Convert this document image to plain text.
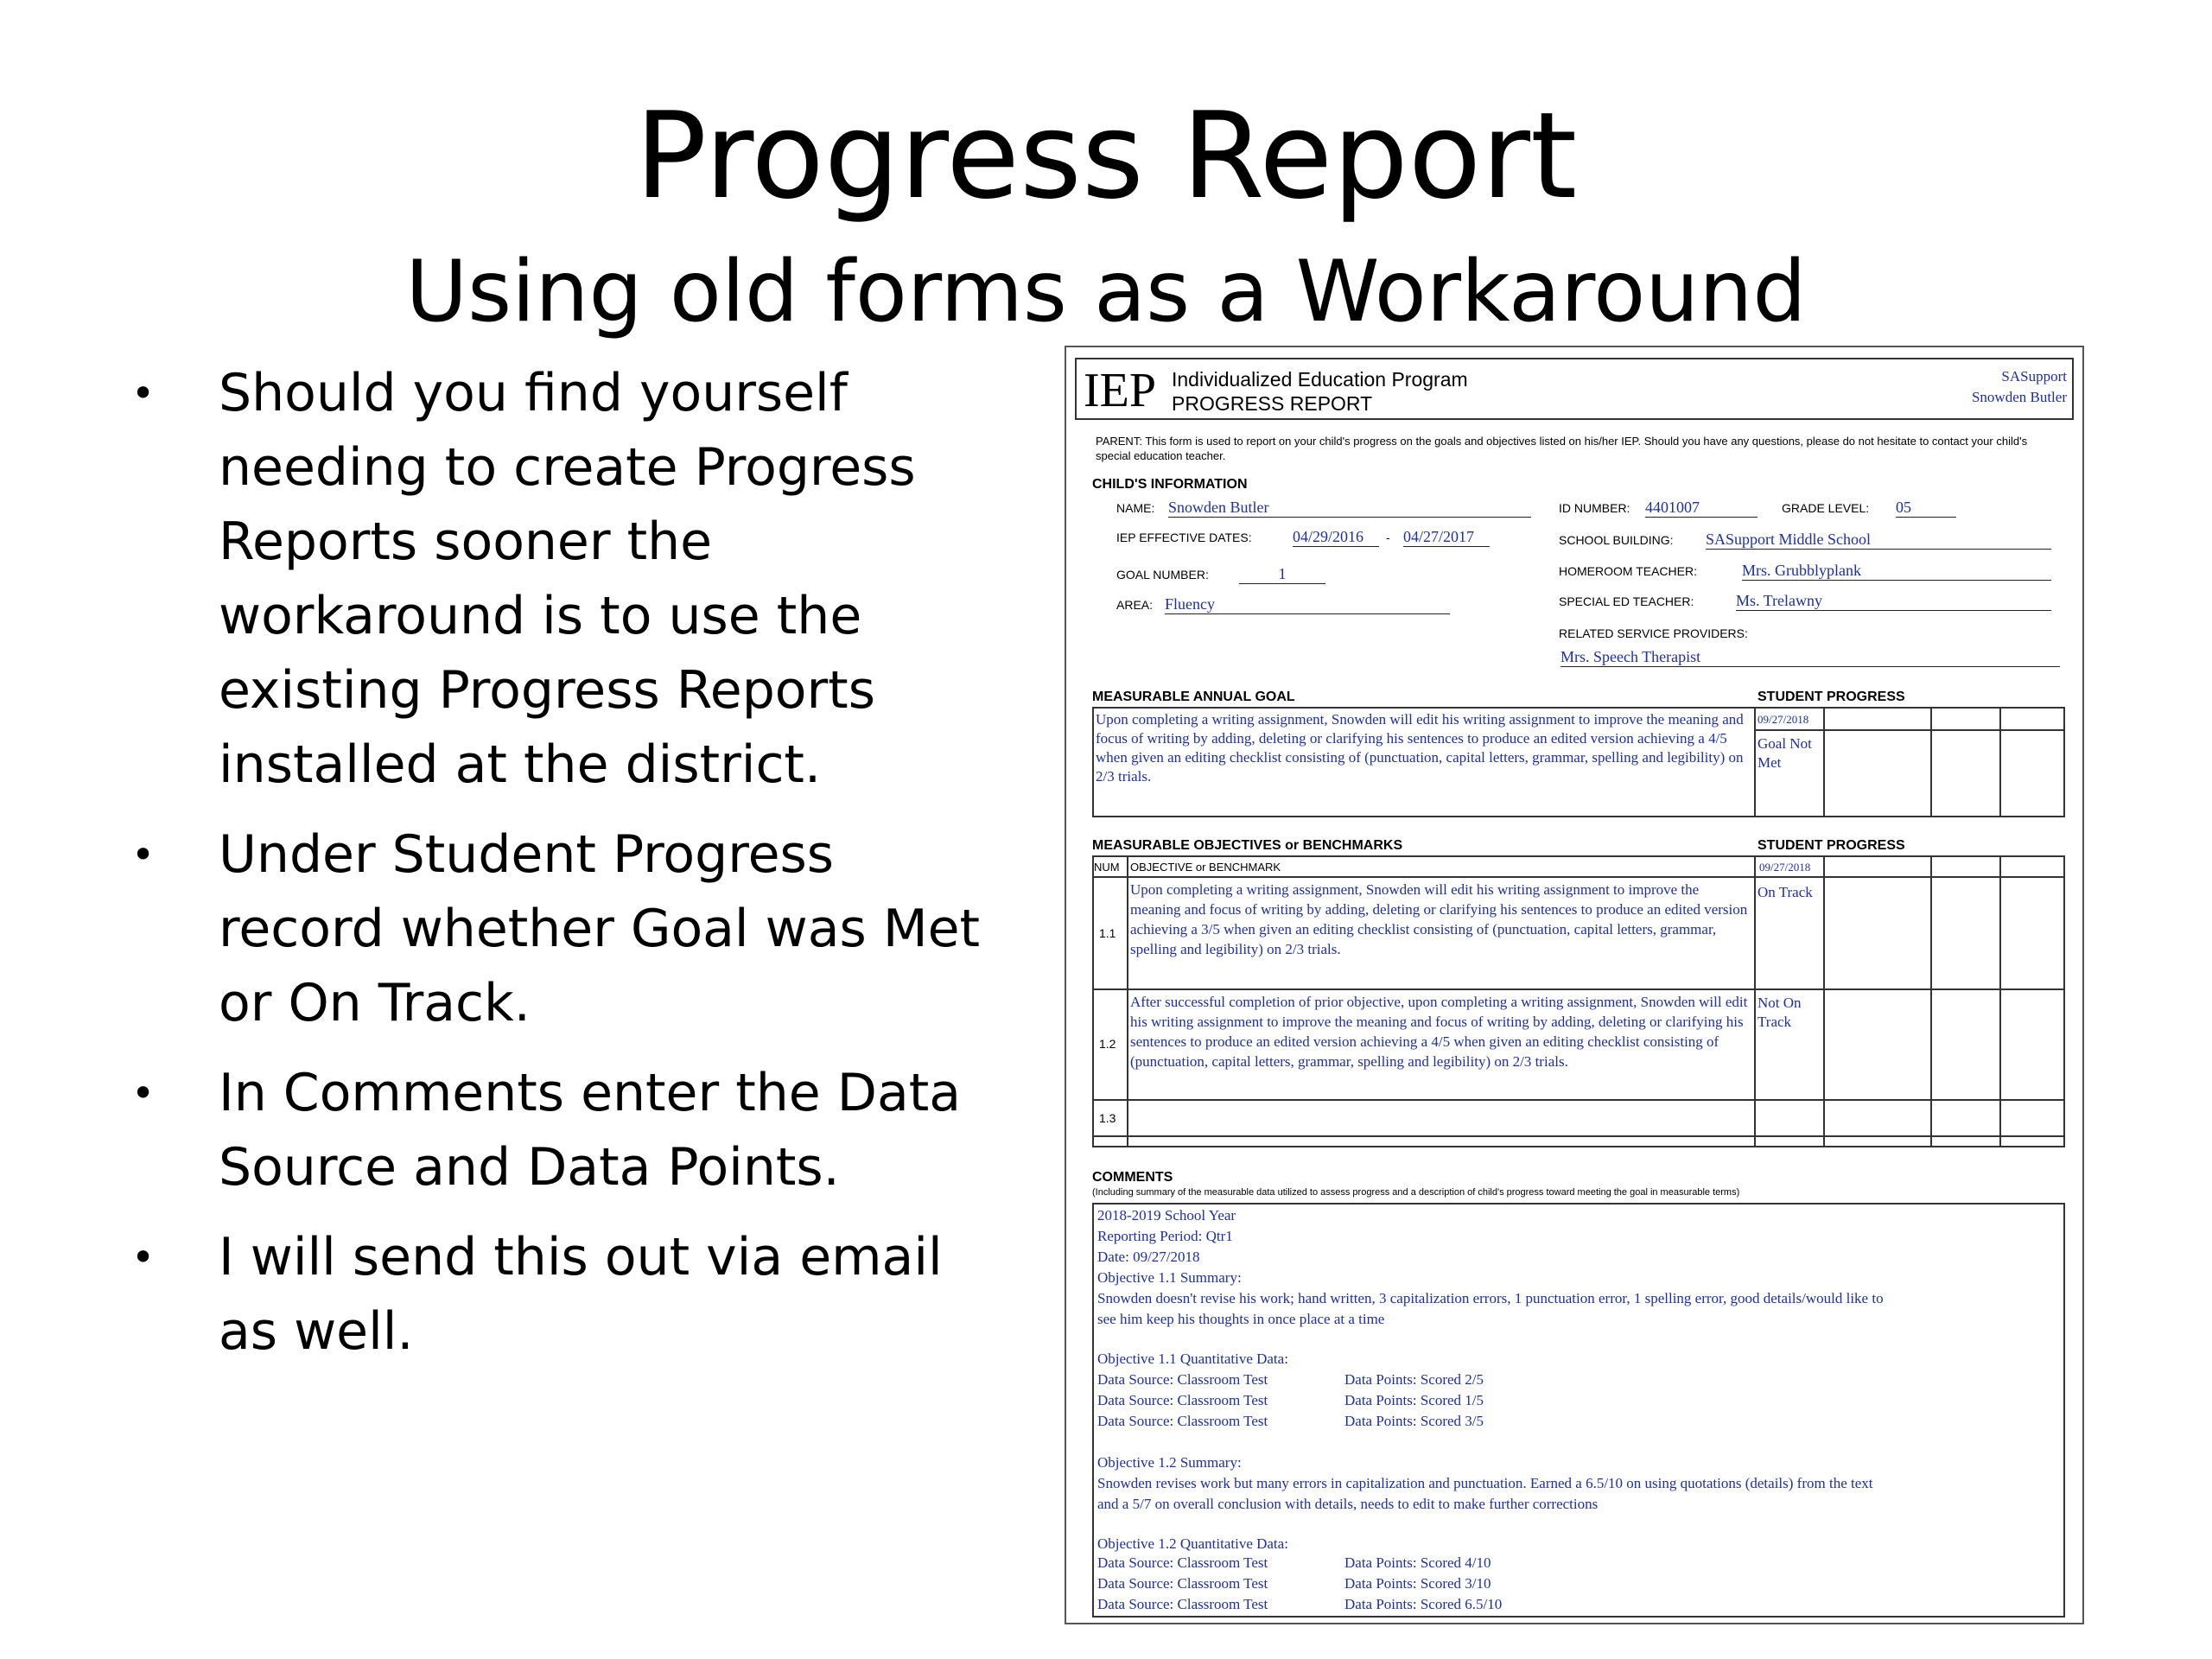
Progress Report
Using old forms as a Workaround
• Should you find yourself needing to create Progress Reports sooner the workaround is to use the existing Progress Reports installed at the district.
• Under Student Progress record whether Goal was Met or On Track.
• In Comments enter the Data Source and Data Points.
• I will send this out via email as well.
IEP Individualized Education Program
PROGRESS REPORT
SASupport
Snowden Butler
PARENT: This form is used to report on your child's progress on the goals and objectives listed on his/her IEP. Should you have any questions, please do not hesitate to contact your child's special education teacher.
CHILD'S INFORMATION
NAME: Snowden Butler
IEP EFFECTIVE DATES:	04/29/2016	- 04/27/2017
GOAL NUMBER:	1
AREA: Fluency
ID NUMBER: 4401007	GRADE LEVEL: 05
SCHOOL BUILDING: SASupport Middle School
HOMEROOM TEACHER:	Mrs. Grubblyplank
SPECIAL ED TEACHER:	Ms. Trelawny
RELATED SERVICE PROVIDERS:
Mrs. Speech Therapist
MEASURABLE ANNUAL GOAL	STUDENT PROGRESS
Upon completing a writing assignment, Snowden will edit his writing assignment to improve the meaning and focus of writing by adding, deleting or clarifying his sentences to produce an edited version achieving a 4/5 when given an editing checklist consisting of (punctuation, capital letters, grammar, spelling and legibility) on 2/3 trials.
09/27/2018
Goal Not Met
MEASURABLE OBJECTIVES or BENCHMARKS	STUDENT PROGRESS
NUM OBJECTIVE or BENCHMARK	09/27/2018
1.1
Upon completing a writing assignment, Snowden will edit his writing assignment to improve the meaning and focus of writing by adding, deleting or clarifying his sentences to produce an edited version achieving a 3/5 when given an editing checklist consisting of (punctuation, capital letters, grammar, spelling and legibility) on 2/3 trials.
On Track
1.2
After successful completion of prior objective, upon completing a writing assignment, Snowden will edit his writing assignment to improve the meaning and focus of writing by adding, deleting or clarifying his sentences to produce an edited version achieving a 4/5 when given an editing checklist consisting of (punctuation, capital letters, grammar, spelling and legibility) on 2/3 trials.
Not On Track
1.3
COMMENTS
(Including summary of the measurable data utilized to assess progress and a description of child's progress toward meeting the goal in measurable terms)
2018-2019 School Year
Reporting Period: Qtr1
Date: 09/27/2018
Objective 1.1 Summary:
Snowden doesn't revise his work; hand written, 3 capitalization errors, 1 punctuation error, 1 spelling error, good details/would like to
see him keep his thoughts in once place at a time
Objective 1.1 Quantitative Data:
Data Source: Classroom Test	Data Points: Scored 2/5
Data Source: Classroom Test	Data Points: Scored 1/5
Data Source: Classroom Test	Data Points: Scored 3/5
Objective 1.2 Summary:
Snowden revises work but many errors in capitalization and punctuation. Earned a 6.5/10 on using quotations (details) from the text
and a 5/7 on overall conclusion with details, needs to edit to make further corrections
Objective 1.2 Quantitative Data:
Data Source: Classroom Test	Data Points: Scored 4/10
Data Source: Classroom Test	Data Points: Scored 3/10
Data Source: Classroom Test	Data Points: Scored 6.5/10
